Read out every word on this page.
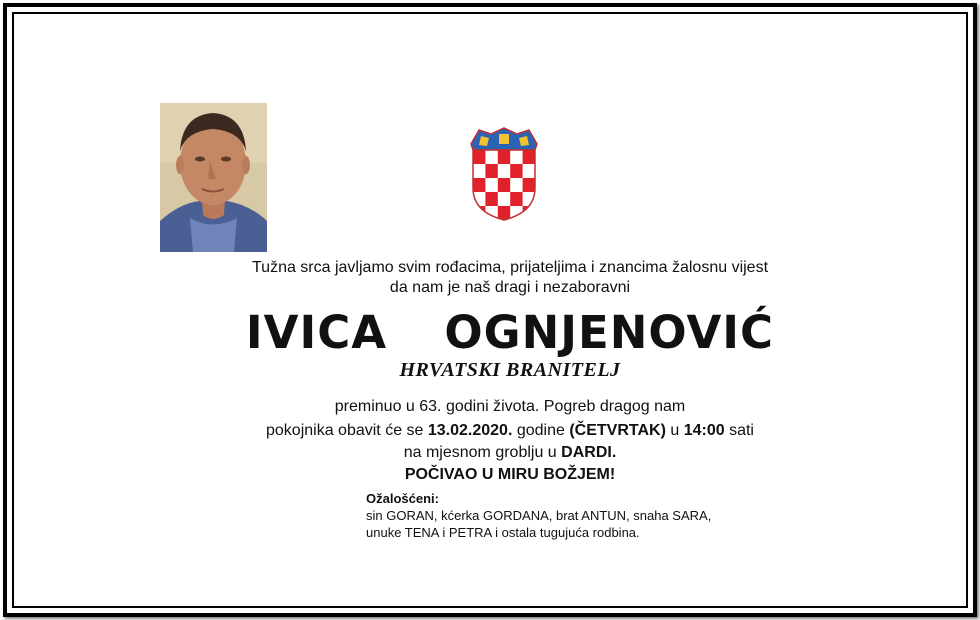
Tužna srca javljamo svim rođacima, prijateljima i znancima žalosnu vijest
da nam je naš dragi i nezaboravni
IVICA  OGNJENOVIĆ
HRVATSKI BRANITELJ
preminuo u 63. godini života. Pogreb dragog nam
pokojnika obavit će se 13.02.2020. godine (ČETVRTAK) u 14:00 sati
na mjesnom groblju u DARDI.
POČIVAO U MIRU BOŽJEM!
Ožalošćeni:
sin GORAN, kćerka GORDANA, brat ANTUN, snaha SARA,
unuke TENA i PETRA i ostala tugujuća rodbina.
